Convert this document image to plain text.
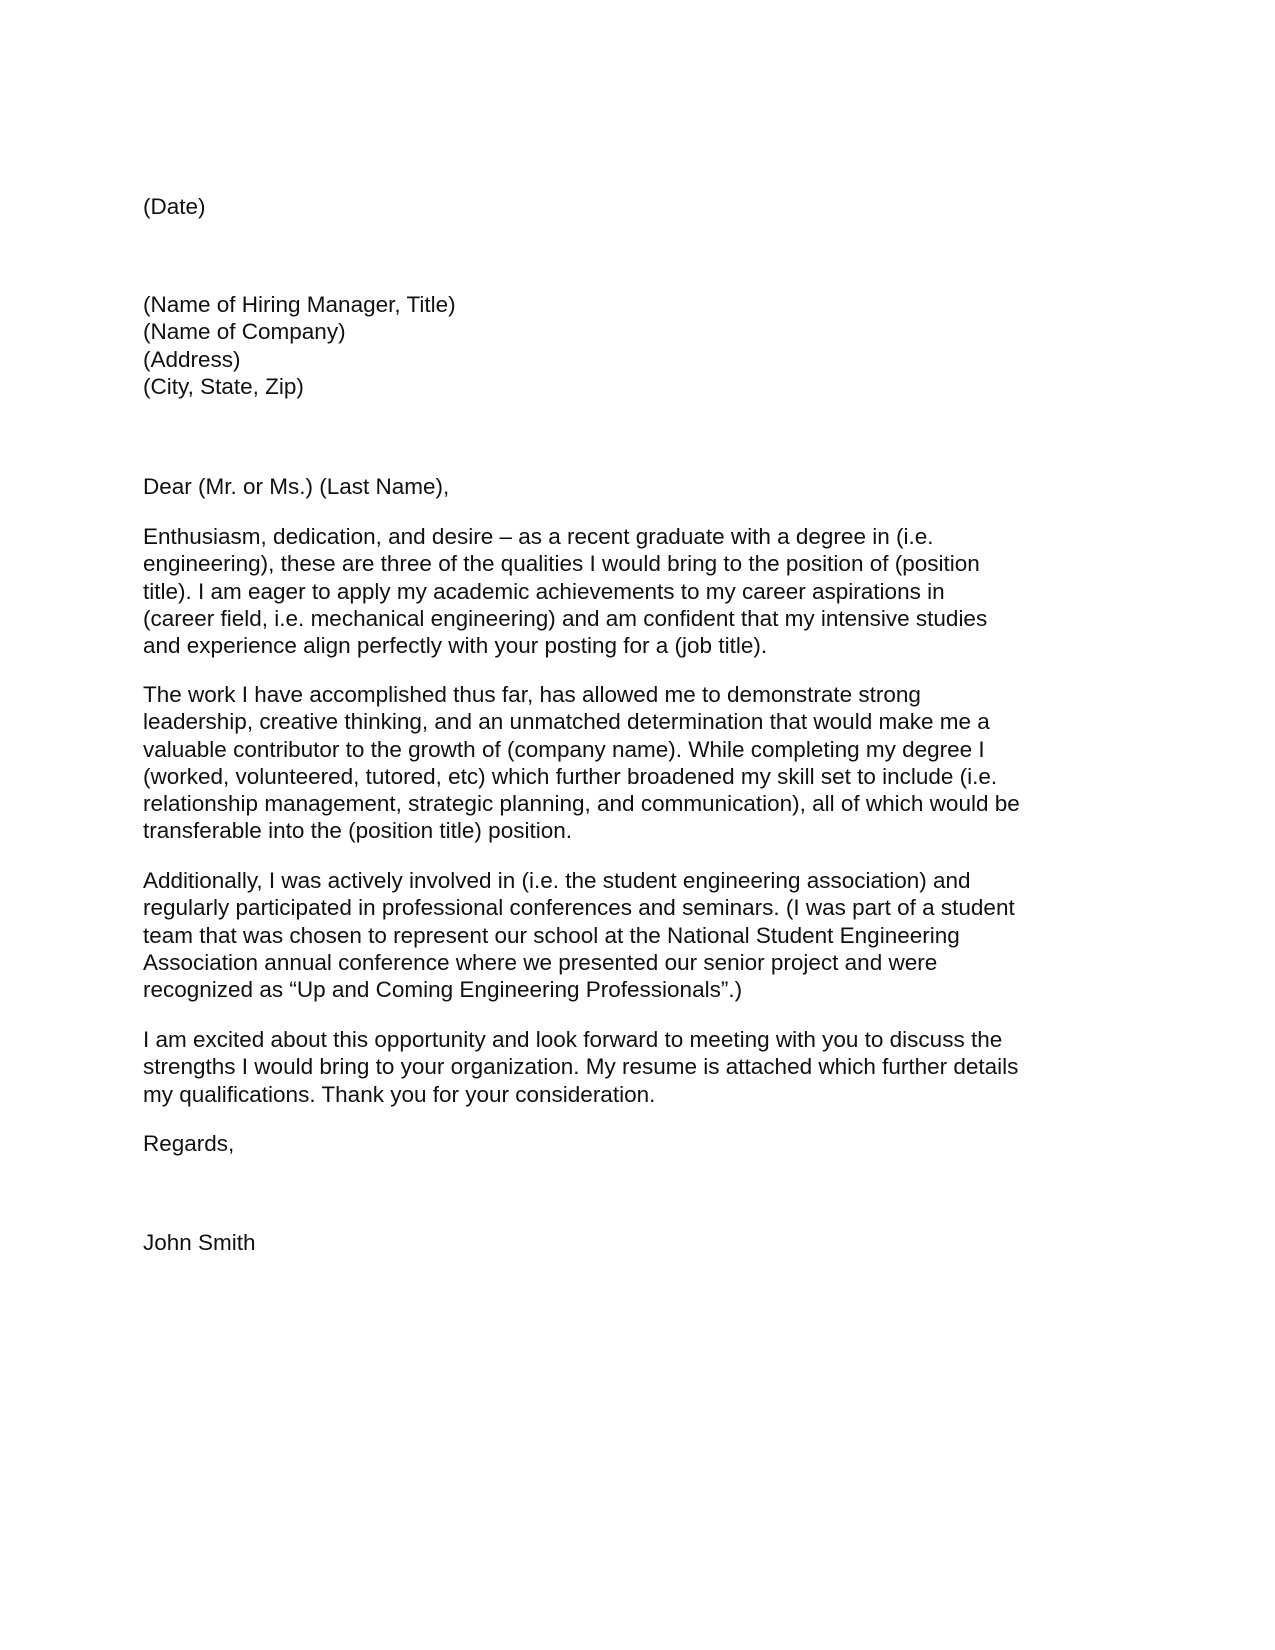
(Date)

(Name of Hiring Manager, Title)
(Name of Company)
(Address)
(City, State, Zip)

Dear (Mr. or Ms.) (Last Name),

Enthusiasm, dedication, and desire – as a recent graduate with a degree in (i.e.
engineering), these are three of the qualities I would bring to the position of (position
title). I am eager to apply my academic achievements to my career aspirations in
(career field, i.e. mechanical engineering) and am confident that my intensive studies
and experience align perfectly with your posting for a (job title).

The work I have accomplished thus far, has allowed me to demonstrate strong
leadership, creative thinking, and an unmatched determination that would make me a
valuable contributor to the growth of (company name). While completing my degree I
(worked, volunteered, tutored, etc) which further broadened my skill set to include (i.e.
relationship management, strategic planning, and communication), all of which would be
transferable into the (position title) position.

Additionally, I was actively involved in (i.e. the student engineering association) and
regularly participated in professional conferences and seminars. (I was part of a student
team that was chosen to represent our school at the National Student Engineering
Association annual conference where we presented our senior project and were
recognized as “Up and Coming Engineering Professionals”.)

I am excited about this opportunity and look forward to meeting with you to discuss the
strengths I would bring to your organization. My resume is attached which further details
my qualifications. Thank you for your consideration.

Regards,

John Smith
